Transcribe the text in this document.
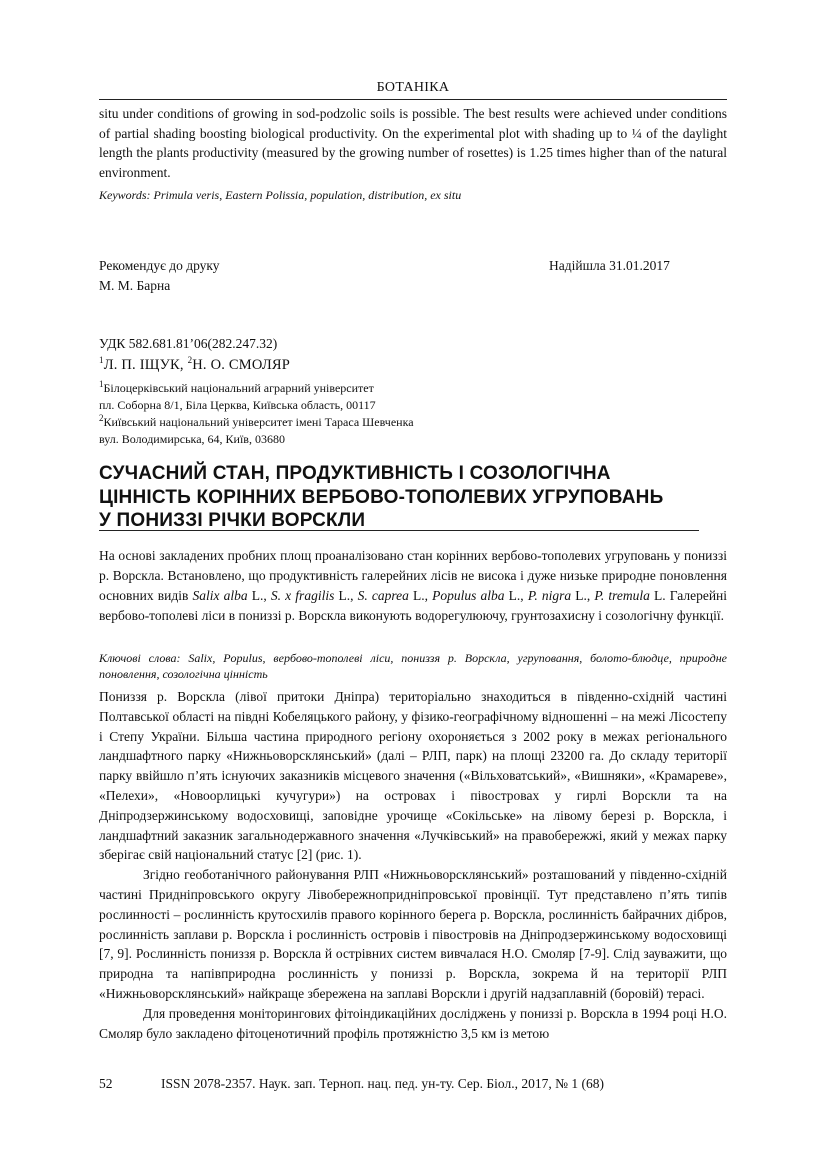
БОТАНІКА
situ under conditions of growing in sod-podzolic soils is possible. The best results were achieved under conditions of partial shading boosting biological productivity. On the experimental plot with shading up to ¼ of the daylight length the plants productivity (measured by the growing number of rosettes) is 1.25 times higher than of the natural environment.
Keywords: Primula veris, Eastern Polissia, population, distribution, ex situ
Рекомендує до друку
М. М. Барна
Надійшла 31.01.2017
УДК 582.681.81’06(282.247.32)
$^1$Л. П. ІЩУК, $^2$Н. О. СМОЛЯР
$^1$Білоцерківський національний аграрний університет
пл. Соборна 8/1, Біла Церква, Київська область, 00117
$^2$Київський національний університет імені Тараса Шевченка
вул. Володимирська, 64, Київ, 03680
СУЧАСНИЙ СТАН, ПРОДУКТИВНІСТЬ І СОЗОЛОГІЧНА
ЦІННІСТЬ КОРІННИХ ВЕРБОВО-ТОПОЛЕВИХ УГРУПОВАНЬ
У ПОНИЗЗІ РІЧКИ ВОРСКЛИ
На основі закладених пробних площ проаналізовано стан корінних вербово-тополевих угруповань у пониззі р. Ворскла. Встановлено, що продуктивність галерейних лісів не висока і дуже низьке природне поновлення основних видів Salix alba L., S. x fragilis L., S. caprea L., Populus alba L., P. nigra L., P. tremula L. Галерейні вербово-тополеві ліси в пониззі р. Ворскла виконують водорегулюючу, грунтозахисну і созологічну функції.
Ключові слова: Salix, Populus, вербово-тополеві ліси, пониззя р. Ворскла, угруповання, болото-блюдце, природне поновлення, созологічна цінність

Пониззя р. Ворскла (лівої притоки Дніпра) територіально знаходиться в південно-східній частині Полтавської області на півдні Кобеляцького району, у фізико-географічному відношенні – на межі Лісостепу і Степу України. Більша частина природного регіону охороняється з 2002 року в межах регіонального ландшафтного парку «Нижньоворсклянський» (далі – РЛП, парк) на площі 23200 га. До складу території парку ввійшло п’ять існуючих заказників місцевого значення («Вільховатський», «Вишняки», «Крамареве», «Пелехи», «Новоорлицькі кучугури») на островах і півостровах у гирлі Ворскли та на Дніпродзержинському водосховищі, заповідне урочище «Сокільське» на лівому березі р. Ворскла, і ландшафтний заказник загальнодержавного значення «Лучківський» на правобережжі, який у межах парку зберігає свій національний статус [2] (рис. 1).

Згідно геоботанічного районування РЛП «Нижньоворсклянський» розташований у південно-східній частині Придніпровського округу Лівобережнопридніпровської провінції. Тут представлено п’ять типів рослинності – рослинність крутосхилів правого корінного берега р. Ворскла, рослинність байрачних дібров, рослинність заплави р. Ворскла і рослинність островів і півостровів на Дніпродзержинському водосховищі [7, 9]. Рослинність пониззя р. Ворскла й острівних систем вивчалася Н.О. Смоляр [7-9]. Слід зауважити, що природна та напівприродна рослинність у пониззі р. Ворскла, зокрема й на території РЛП «Нижньоворсклянський» найкраще збережена на заплаві Ворскли і другій надзаплавній (боровій) терасі.

Для проведення моніторингових фітоіндикаційних досліджень у пониззі р. Ворскла в 1994 році Н.О. Смоляр було закладено фітоценотичний профіль протяжністю 3,5 км із метою

52	ISSN 2078-2357. Наук. зап. Терноп. нац. пед. ун-ту. Сер. Біол., 2017, № 1 (68)
